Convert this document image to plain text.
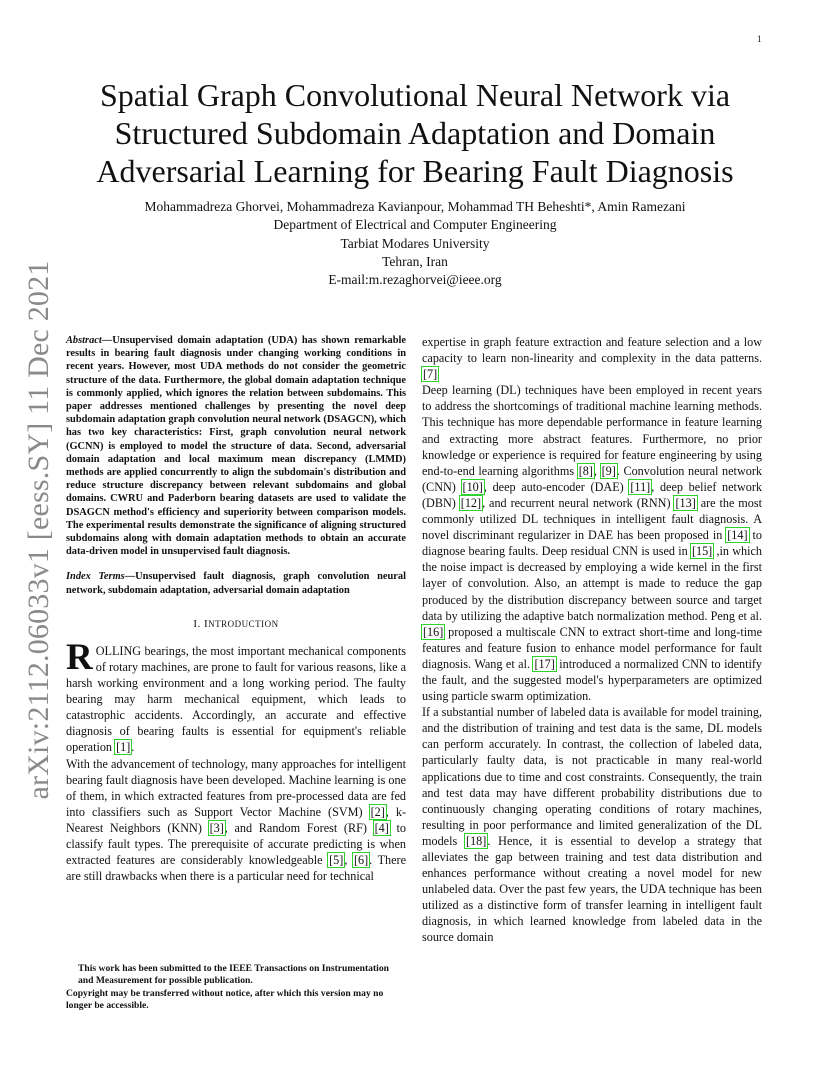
1
arXiv:2112.06033v1 [eess.SY] 11 Dec 2021
Spatial Graph Convolutional Neural Network via
Structured Subdomain Adaptation and Domain
Adversarial Learning for Bearing Fault Diagnosis
Mohammadreza Ghorvei, Mohammadreza Kavianpour, Mohammad TH Beheshti*, Amin Ramezani
Department of Electrical and Computer Engineering
Tarbiat Modares University
Tehran, Iran
E-mail:m.rezaghorvei@ieee.org

Abstract—Unsupervised domain adaptation (UDA) has shown remarkable results in bearing fault diagnosis under changing working conditions in recent years. However, most UDA methods do not consider the geometric structure of the data. Furthermore, the global domain adaptation technique is commonly applied, which ignores the relation between subdomains. This paper addresses mentioned challenges by presenting the novel deep subdomain adaptation graph convolution neural network (DSAGCN), which has two key characteristics: First, graph convolution neural network (GCNN) is employed to model the structure of data. Second, adversarial domain adaptation and local maximum mean discrepancy (LMMD) methods are applied concurrently to align the subdomain's distribution and reduce structure discrepancy between relevant subdomains and global domains. CWRU and Paderborn bearing datasets are used to validate the DSAGCN method's efficiency and superiority between comparison models. The experimental results demonstrate the significance of aligning structured subdomains along with domain adaptation methods to obtain an accurate data-driven model in unsupervised fault diagnosis.

Index Terms—Unsupervised fault diagnosis, graph convolution neural network, subdomain adaptation, adversarial domain adaptation

I. INTRODUCTION

ROLLING bearings, the most important mechanical components of rotary machines, are prone to fault for various reasons, like a harsh working environment and a long working period. The faulty bearing may harm mechanical equipment, which leads to catastrophic accidents. Accordingly, an accurate and effective diagnosis of bearing faults is essential for equipment's reliable operation [1].

With the advancement of technology, many approaches for intelligent bearing fault diagnosis have been developed. Machine learning is one of them, in which extracted features from pre-processed data are fed into classifiers such as Support Vector Machine (SVM) [2], k-Nearest Neighbors (KNN) [3], and Random Forest (RF) [4] to classify fault types. The prerequisite of accurate predicting is when extracted features are considerably knowledgeable [5], [6]. There are still drawbacks when there is a particular need for technical

This work has been submitted to the IEEE Transactions on Instrumentation and Measurement for possible publication.

Copyright may be transferred without notice, after which this version may no longer be accessible.

expertise in graph feature extraction and feature selection and a low capacity to learn non-linearity and complexity in the data patterns. [7]

Deep learning (DL) techniques have been employed in recent years to address the shortcomings of traditional machine learning methods. This technique has more dependable performance in feature learning and extracting more abstract features. Furthermore, no prior knowledge or experience is required for feature engineering by using end-to-end learning algorithms [8], [9]. Convolution neural network (CNN) [10], deep auto-encoder (DAE) [11], deep belief network (DBN) [12], and recurrent neural network (RNN) [13] are the most commonly utilized DL techniques in intelligent fault diagnosis. A novel discriminant regularizer in DAE has been proposed in [14] to diagnose bearing faults. Deep residual CNN is used in [15] ,in which the noise impact is decreased by employing a wide kernel in the first layer of convolution. Also, an attempt is made to reduce the gap produced by the distribution discrepancy between source and target data by utilizing the adaptive batch normalization method. Peng et al. [16] proposed a multiscale CNN to extract short-time and long-time features and feature fusion to enhance model performance for fault diagnosis. Wang et al. [17] introduced a normalized CNN to identify the fault, and the suggested model's hyperparameters are optimized using particle swarm optimization.

If a substantial number of labeled data is available for model training, and the distribution of training and test data is the same, DL models can perform accurately. In contrast, the collection of labeled data, particularly faulty data, is not practicable in many real-world applications due to time and cost constraints. Consequently, the train and test data may have different probability distributions due to continuously changing operating conditions of rotary machines, resulting in poor performance and limited generalization of the DL models [18]. Hence, it is essential to develop a strategy that alleviates the gap between training and test data distribution and enhances performance without creating a novel model for new unlabeled data. Over the past few years, the UDA technique has been utilized as a distinctive form of transfer learning in intelligent fault diagnosis, in which learned knowledge from labeled data in the source domain
